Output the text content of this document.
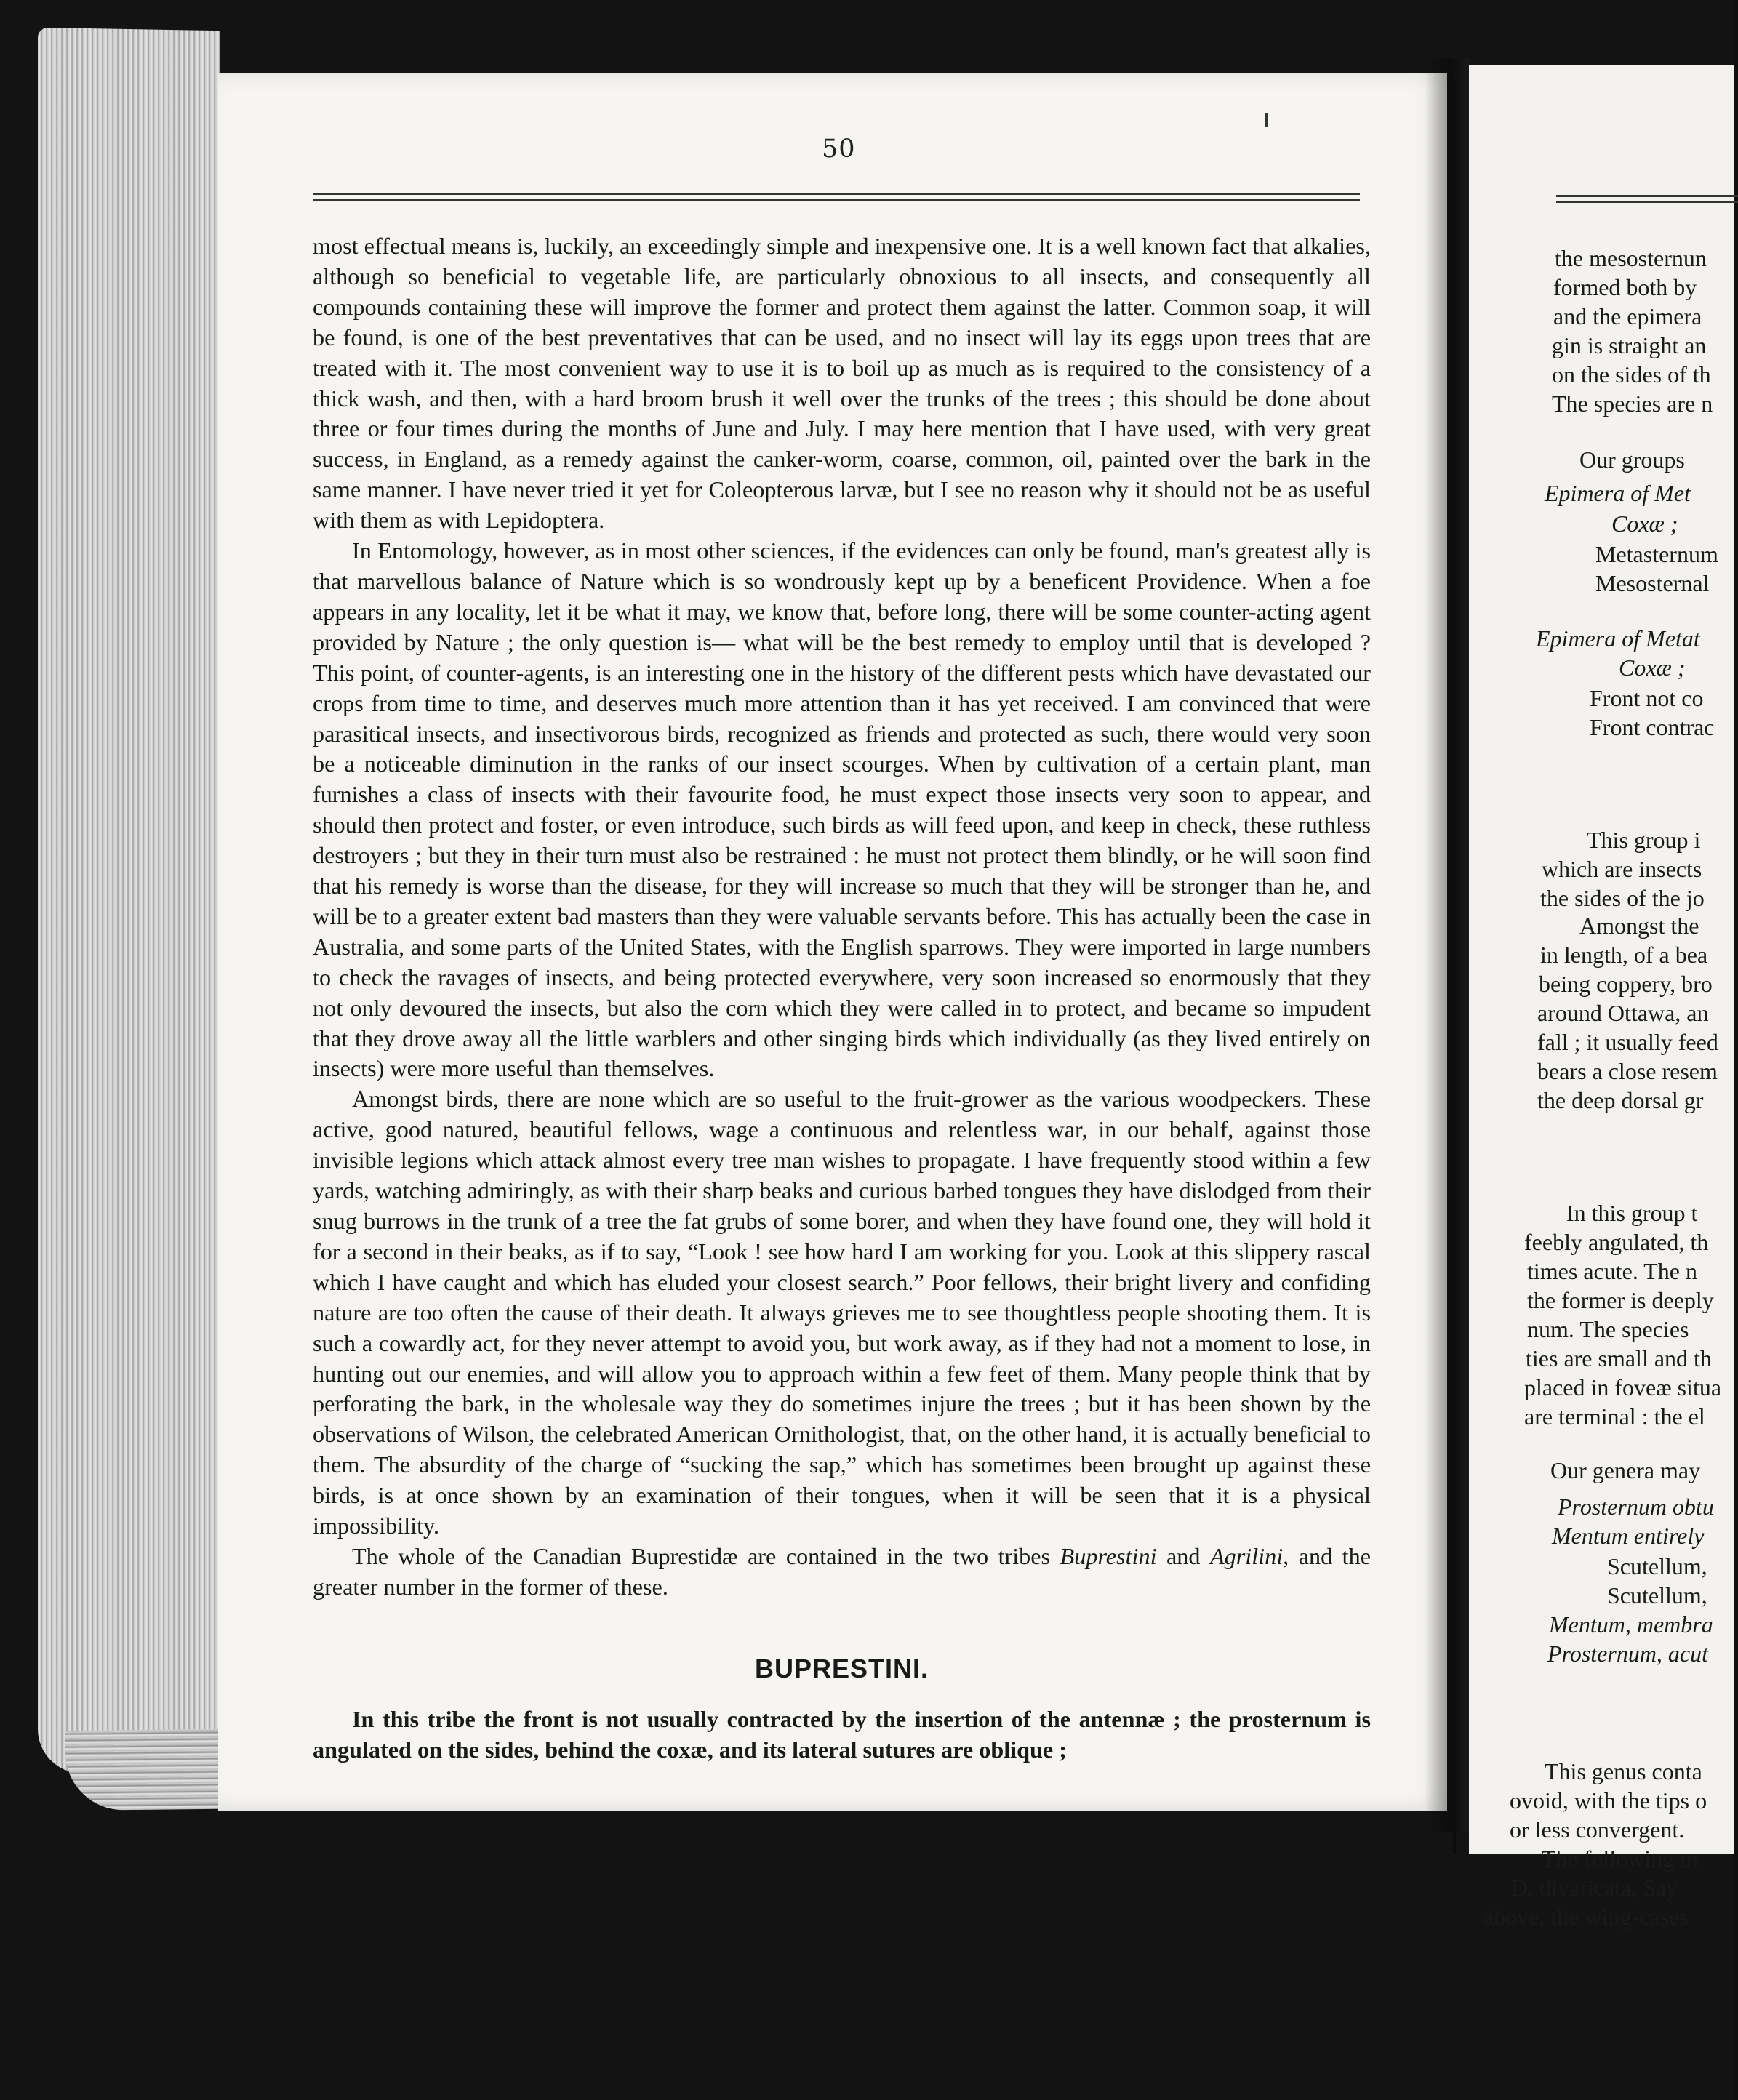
50

most effectual means is, luckily, an exceedingly simple and inexpensive one. It is a well known fact that alkalies, although so beneficial to vegetable life, are particularly obnoxious to all insects, and consequently all compounds containing these will improve the former and protect them against the latter. Common soap, it will be found, is one of the best preventatives that can be used, and no insect will lay its eggs upon trees that are treated with it. The most convenient way to use it is to boil up as much as is required to the consistency of a thick wash, and then, with a hard broom brush it well over the trunks of the trees ; this should be done about three or four times during the months of June and July. I may here mention that I have used, with very great success, in England, as a remedy against the canker-worm, coarse, common, oil, painted over the bark in the same manner. I have never tried it yet for Coleopterous larvæ, but I see no reason why it should not be as useful with them as with Lepidoptera.

In Entomology, however, as in most other sciences, if the evidences can only be found, man's greatest ally is that marvellous balance of Nature which is so wondrously kept up by a beneficent Providence. When a foe appears in any locality, let it be what it may, we know that, before long, there will be some counter-acting agent provided by Nature ; the only question is— what will be the best remedy to employ until that is developed ? This point, of counter-agents, is an interesting one in the history of the different pests which have devastated our crops from time to time, and deserves much more attention than it has yet received. I am convinced that were parasitical insects, and insectivorous birds, recognized as friends and protected as such, there would very soon be a noticeable diminution in the ranks of our insect scourges. When by cultivation of a certain plant, man furnishes a class of insects with their favourite food, he must expect those insects very soon to appear, and should then protect and foster, or even introduce, such birds as will feed upon, and keep in check, these ruthless destroyers ; but they in their turn must also be restrained : he must not protect them blindly, or he will soon find that his remedy is worse than the disease, for they will increase so much that they will be stronger than he, and will be to a greater extent bad masters than they were valuable servants before. This has actually been the case in Australia, and some parts of the United States, with the English sparrows. They were imported in large numbers to check the ravages of insects, and being protected everywhere, very soon increased so enormously that they not only devoured the insects, but also the corn which they were called in to protect, and became so impudent that they drove away all the little warblers and other singing birds which individually (as they lived entirely on insects) were more useful than themselves.

Amongst birds, there are none which are so useful to the fruit-grower as the various woodpeckers. These active, good natured, beautiful fellows, wage a continuous and relentless war, in our behalf, against those invisible legions which attack almost every tree man wishes to propagate. I have frequently stood within a few yards, watching admiringly, as with their sharp beaks and curious barbed tongues they have dislodged from their snug burrows in the trunk of a tree the fat grubs of some borer, and when they have found one, they will hold it for a second in their beaks, as if to say, “Look ! see how hard I am working for you. Look at this slippery rascal which I have caught and which has eluded your closest search.” Poor fellows, their bright livery and confiding nature are too often the cause of their death. It always grieves me to see thoughtless people shooting them. It is such a cowardly act, for they never attempt to avoid you, but work away, as if they had not a moment to lose, in hunting out our enemies, and will allow you to approach within a few feet of them. Many people think that by perforating the bark, in the wholesale way they do sometimes injure the trees ; but it has been shown by the observations of Wilson, the celebrated American Ornithologist, that, on the other hand, it is actually beneficial to them. The absurdity of the charge of “sucking the sap,” which has sometimes been brought up against these birds, is at once shown by an examination of their tongues, when it will be seen that it is a physical impossibility.

The whole of the Canadian Buprestidæ are contained in the two tribes Buprestini and Agrilini, and the greater number in the former of these.

BUPRESTINI.

In this tribe the front is not usually contracted by the insertion of the antennæ ; the prosternum is angulated on the sides, behind the coxæ, and its lateral sutures are oblique ;

the mesosternun
formed both by
and the epimera
gin is straight an
on the sides of th
The species are n
Our groups
Epimera of Met
Coxæ ;
Metasternum
Mesosternal
Epimera of Metat
Coxæ ;
Front not co
Front contrac
This group i
which are insects
the sides of the jo
Amongst the
in length, of a bea
being coppery, bro
around Ottawa, an
fall ; it usually feed
bears a close resem
the deep dorsal gr
In this group t
feebly angulated, th
times acute. The n
the former is deeply
num. The species
ties are small and th
placed in foveæ situa
are terminal : the el
Our genera may
Prosternum obtu
Mentum entirely
Scutellum,
Scutellum,
Mentum, membra
Prosternum, acut
This genus conta
ovoid, with the tips o
or less convergent.
The following m
D. divaricata, Say
above, the wing-cases
